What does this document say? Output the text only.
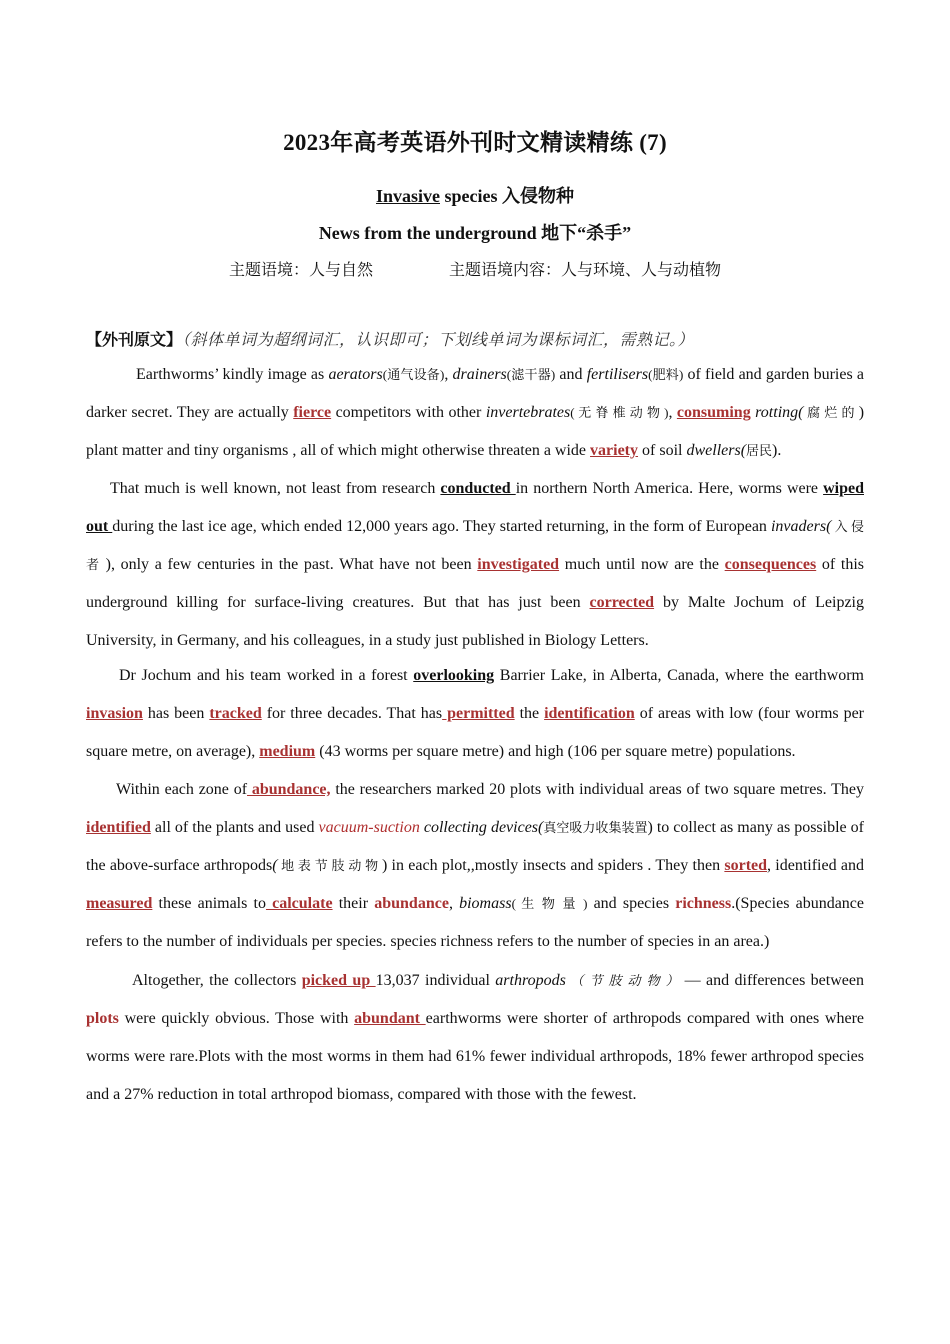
2023年高考英语外刊时文精读精练 (7)
Invasive species 入侵物种
News from the underground 地下“杀手”
主题语境：人与自然	主题语境内容：人与环境、人与动植物
【外刊原文】（斜体单词为超纲词汇，认识即可；下划线单词为课标词汇，需熟记。）

Earthworms’ kindly image as aerators(通气设备), drainers(滤干器) and fertilisers(肥料) of field and garden buries a darker secret. They are actually fierce competitors with other invertebrates( 无 脊 椎 动 物 ), consuming rotting( 腐 烂 的 ) plant matter and tiny organisms , all of which might otherwise threaten a wide variety of soil dwellers(居民).

That much is well known, not least from research conducted in northern North America. Here, worms were wiped out during the last ice age, which ended 12,000 years ago. They started returning, in the form of European invaders( 入 侵 者 ), only a few centuries in the past. What have not been investigated much until now are the consequences of this underground killing for surface-living creatures. But that has just been corrected by Malte Jochum of Leipzig University, in Germany, and his colleagues, in a study just published in Biology Letters.

Dr Jochum and his team worked in a forest overlooking Barrier Lake, in Alberta, Canada, where the earthworm invasion has been tracked for three decades. That has permitted the identification of areas with low (four worms per square metre, on average), medium (43 worms per square metre) and high (106 per square metre) populations.

Within each zone of abundance, the researchers marked 20 plots with individual areas of two square metres. They identified all of the plants and used vacuum-suction collecting devices(真空吸力收集装置) to collect as many as possible of the above-surface arthropods( 地 表 节 肢 动 物 ) in each plot,,mostly insects and spiders . They then sorted, identified and measured these animals to calculate their abundance, biomass( 生 物 量 ) and species richness.(Species abundance refers to the number of individuals per species. species richness refers to the number of species in an area.)

Altogether, the collectors picked up 13,037 individual arthropods （ 节 肢 动 物 ） — and differences between plots were quickly obvious. Those with abundant earthworms were shorter of arthropods compared with ones where worms were rare.Plots with the most worms in them had 61% fewer individual arthropods, 18% fewer arthropod species and a 27% reduction in total arthropod biomass, compared with those with the fewest.
